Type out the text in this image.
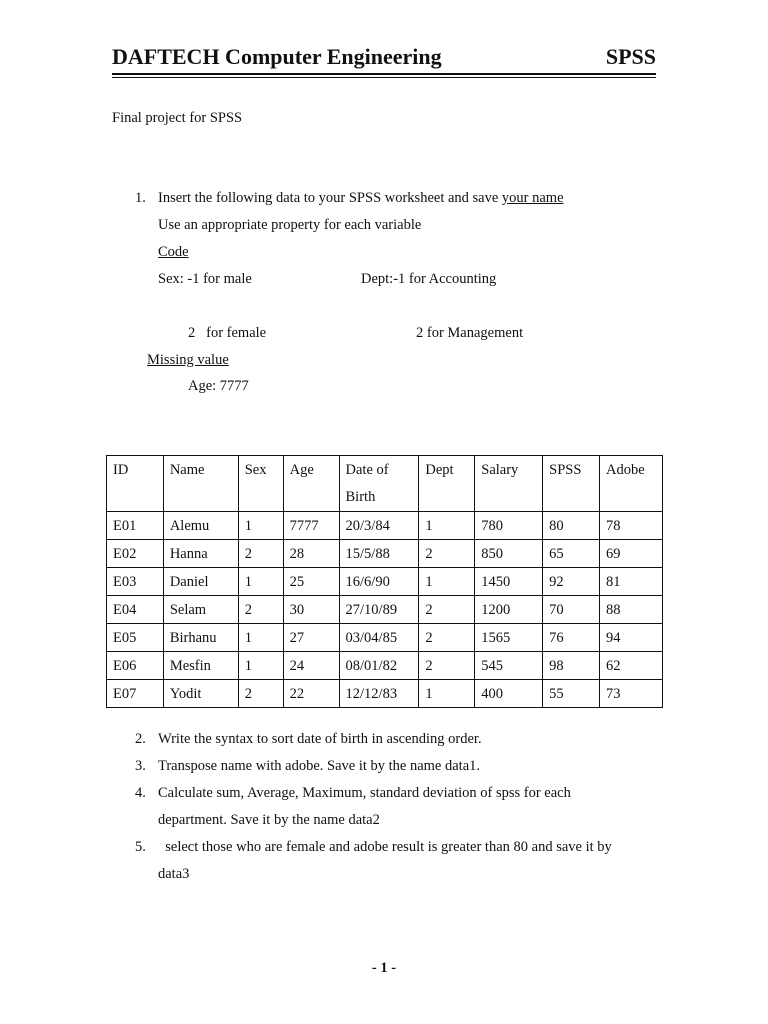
DAFTECH Computer Engineering	SPSS
Final project for SPSS
1. Insert the following data to your SPSS worksheet and save your name
Use an appropriate property for each variable
Code
Sex: -1 for male	Dept:-1 for Accounting
2   for female	2 for Management
Missing value
Age: 7777
ID	Name	Sex	Age	Date of Birth	Dept	Salary	SPSS	Adobe
E01	Alemu	1	7777	20/3/84	1	780	80	78
E02	Hanna	2	28	15/5/88	2	850	65	69
E03	Daniel	1	25	16/6/90	1	1450	92	81
E04	Selam	2	30	27/10/89	2	1200	70	88
E05	Birhanu	1	27	03/04/85	2	1565	76	94
E06	Mesfin	1	24	08/01/82	2	545	98	62
E07	Yodit	2	22	12/12/83	1	400	55	73
2. Write the syntax to sort date of birth in ascending order.
3. Transpose name with adobe. Save it by the name data1.
4. Calculate sum, Average, Maximum, standard deviation of spss for each
department. Save it by the name data2
5. select those who are female and adobe result is greater than 80 and save it by
data3
- 1 -
